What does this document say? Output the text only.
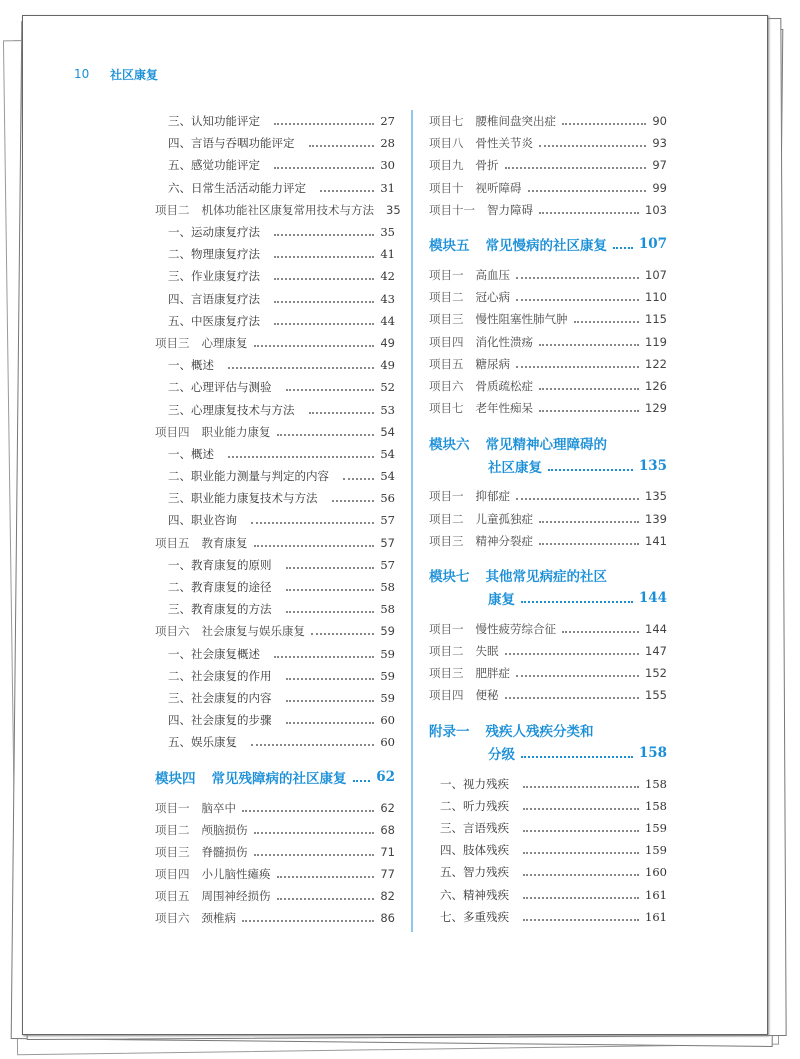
10 社区康复
三、认知功能评定	27
四、言语与吞咽功能评定	28
五、感觉功能评定	30
六、日常生活活动能力评定	31
项目二 机体功能社区康复常用技术与方法 35
一、运动康复疗法	35
二、物理康复疗法	41
三、作业康复疗法	42
四、言语康复疗法	43
五、中医康复疗法	44
项目三 心理康复	49
一、概述	49
二、心理评估与测验	52
三、心理康复技术与方法	53
项目四 职业能力康复	54
一、概述	54
二、职业能力测量与判定的内容	54
三、职业能力康复技术与方法	56
四、职业咨询	57
项目五 教育康复	57
一、教育康复的原则	57
二、教育康复的途径	58
三、教育康复的方法	58
项目六 社会康复与娱乐康复	59
一、社会康复概述	59
二、社会康复的作用	59
三、社会康复的内容	59
四、社会康复的步骤	60
五、娱乐康复	60
模块四 常见残障病的社区康复 62
项目一 脑卒中	62
项目二 颅脑损伤	68
项目三 脊髓损伤	71
项目四 小儿脑性瘫痪	77
项目五 周围神经损伤	82
项目六 颈椎病	86
项目七 腰椎间盘突出症	90
项目八 骨性关节炎	93
项目九 骨折	97
项目十 视听障碍	99
项目十一 智力障碍	103
模块五 常见慢病的社区康复 107
项目一 高血压	107
项目二 冠心病	110
项目三 慢性阻塞性肺气肿	115
项目四 消化性溃疡	119
项目五 糖尿病	122
项目六 骨质疏松症	126
项目七 老年性痴呆	129
模块六 常见精神心理障碍的
社区康复	135
项目一 抑郁症	135
项目二 儿童孤独症	139
项目三 精神分裂症	141
模块七 其他常见病症的社区
康复	144
项目一 慢性疲劳综合征	144
项目二 失眠	147
项目三 肥胖症	152
项目四 便秘	155
附录一 残疾人残疾分类和
分级	158
一、视力残疾	158
二、听力残疾	158
三、言语残疾	159
四、肢体残疾	159
五、智力残疾	160
六、精神残疾	161
七、多重残疾	161
